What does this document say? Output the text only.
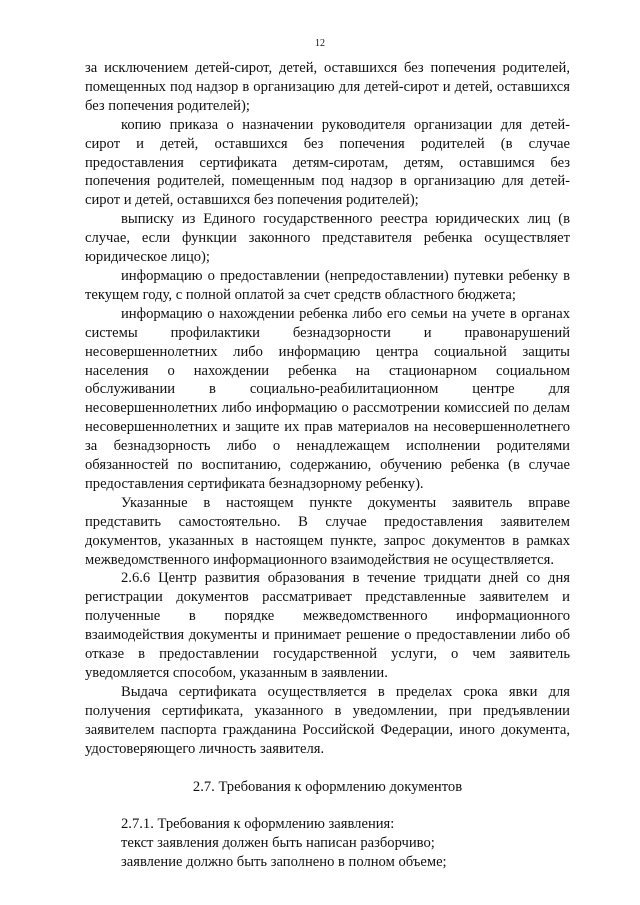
12

за исключением детей-сирот, детей, оставшихся без попечения родителей, помещенных под надзор в организацию для детей-сирот и детей, оставшихся без попечения родителей);

копию приказа о назначении руководителя организации для детей-сирот и детей, оставшихся без попечения родителей (в случае предоставления сертификата детям-сиротам, детям, оставшимся без попечения родителей, помещенным под надзор в организацию для детей-сирот и детей, оставшихся без попечения родителей);

выписку из Единого государственного реестра юридических лиц (в случае, если функции законного представителя ребенка осуществляет юридическое лицо);

информацию о предоставлении (непредоставлении) путевки ребенку в текущем году, с полной оплатой за счет средств областного бюджета;

информацию о нахождении ребенка либо его семьи на учете в органах системы профилактики безнадзорности и правонарушений несовершеннолетних либо информацию центра социальной защиты населения о нахождении ребенка на стационарном социальном обслуживании в социально-реабилитационном центре для несовершеннолетних либо информацию о рассмотрении комиссией по делам несовершеннолетних и защите их прав материалов на несовершеннолетнего за безнадзорность либо о ненадлежащем исполнении родителями обязанностей по воспитанию, содержанию, обучению ребенка (в случае предоставления сертификата безнадзорному ребенку).

Указанные в настоящем пункте документы заявитель вправе представить самостоятельно. В случае предоставления заявителем документов, указанных в настоящем пункте, запрос документов в рамках межведомственного информационного взаимодействия не осуществляется.

2.6.6 Центр развития образования в течение тридцати дней со дня регистрации документов рассматривает представленные заявителем и полученные в порядке межведомственного информационного взаимодействия документы и принимает решение о предоставлении либо об отказе в предоставлении государственной услуги, о чем заявитель уведомляется способом, указанным в заявлении.

Выдача сертификата осуществляется в пределах срока явки для получения сертификата, указанного в уведомлении, при предъявлении заявителем паспорта гражданина Российской Федерации, иного документа, удостоверяющего личность заявителя.

2.7. Требования к оформлению документов

2.7.1. Требования к оформлению заявления:

текст заявления должен быть написан разборчиво;

заявление должно быть заполнено в полном объеме;
